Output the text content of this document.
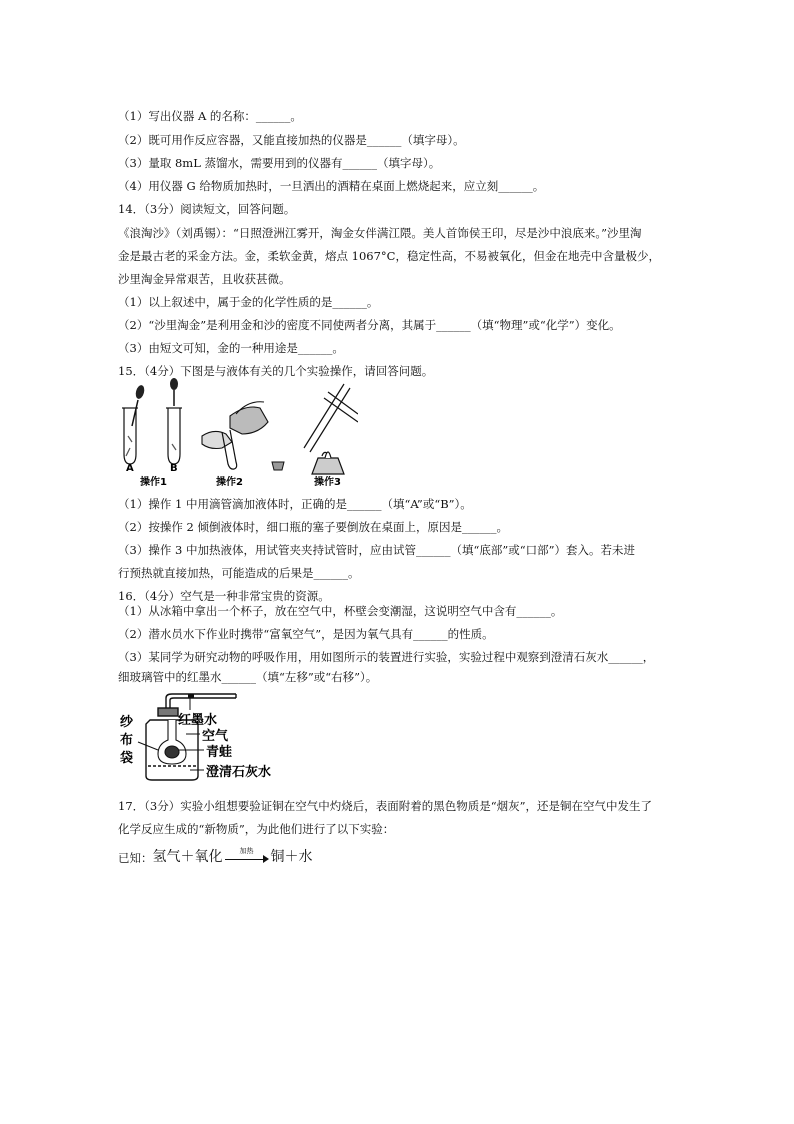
（1）写出仪器 A 的名称：______。
（2）既可用作反应容器，又能直接加热的仪器是______（填字母）。
（3）量取 8mL 蒸馏水，需要用到的仪器有______（填字母）。
（4）用仪器 G 给物质加热时，一旦洒出的酒精在桌面上燃烧起来，应立刻______。
14．（3分）阅读短文，回答问题。
《浪淘沙》（刘禹锡）：“日照澄洲江雾开，淘金女伴满江隈。美人首饰侯王印，尽是沙中浪底来。”沙里淘
金是最古老的采金方法。金，柔软金黄，熔点 1067°C，稳定性高，不易被氧化，但金在地壳中含量极少，
沙里淘金异常艰苦，且收获甚微。
（1）以上叙述中，属于金的化学性质的是______。
（2）“沙里淘金”是利用金和沙的密度不同使两者分离，其属于______（填“物理”或“化学”）变化。
（3）由短文可知，金的一种用途是______。
15．（4分）下图是与液体有关的几个实验操作，请回答问题。
（1）操作 1 中用滴管滴加液体时，正确的是______（填“A”或“B”）。
（2）按操作 2 倾倒液体时，细口瓶的塞子要倒放在桌面上，原因是______。
（3）操作 3 中加热液体，用试管夹夹持试管时，应由试管______（填“底部”或“口部”）套入。若未进
行预热就直接加热，可能造成的后果是______。
16．（4分）空气是一种非常宝贵的资源。
（1）从冰箱中拿出一个杯子，放在空气中，杯壁会变潮湿，这说明空气中含有______。
（2）潜水员水下作业时携带“富氧空气”，是因为氧气具有______的性质。
（3）某同学为研究动物的呼吸作用，用如图所示的装置进行实验，实验过程中观察到澄清石灰水______，
细玻璃管中的红墨水______（填“左移”或“右移”）。
17．（3分）实验小组想要验证铜在空气中灼烧后，表面附着的黑色物质是“烟灰”，还是铜在空气中发生了
化学反应生成的“新物质”，为此他们进行了以下实验：
A	B
操作1	操作2	操作3
红墨水
空气
青蛙
澄清石灰水
纱
布
袋
已知： 氢气＋氧化	加热	铜＋水
